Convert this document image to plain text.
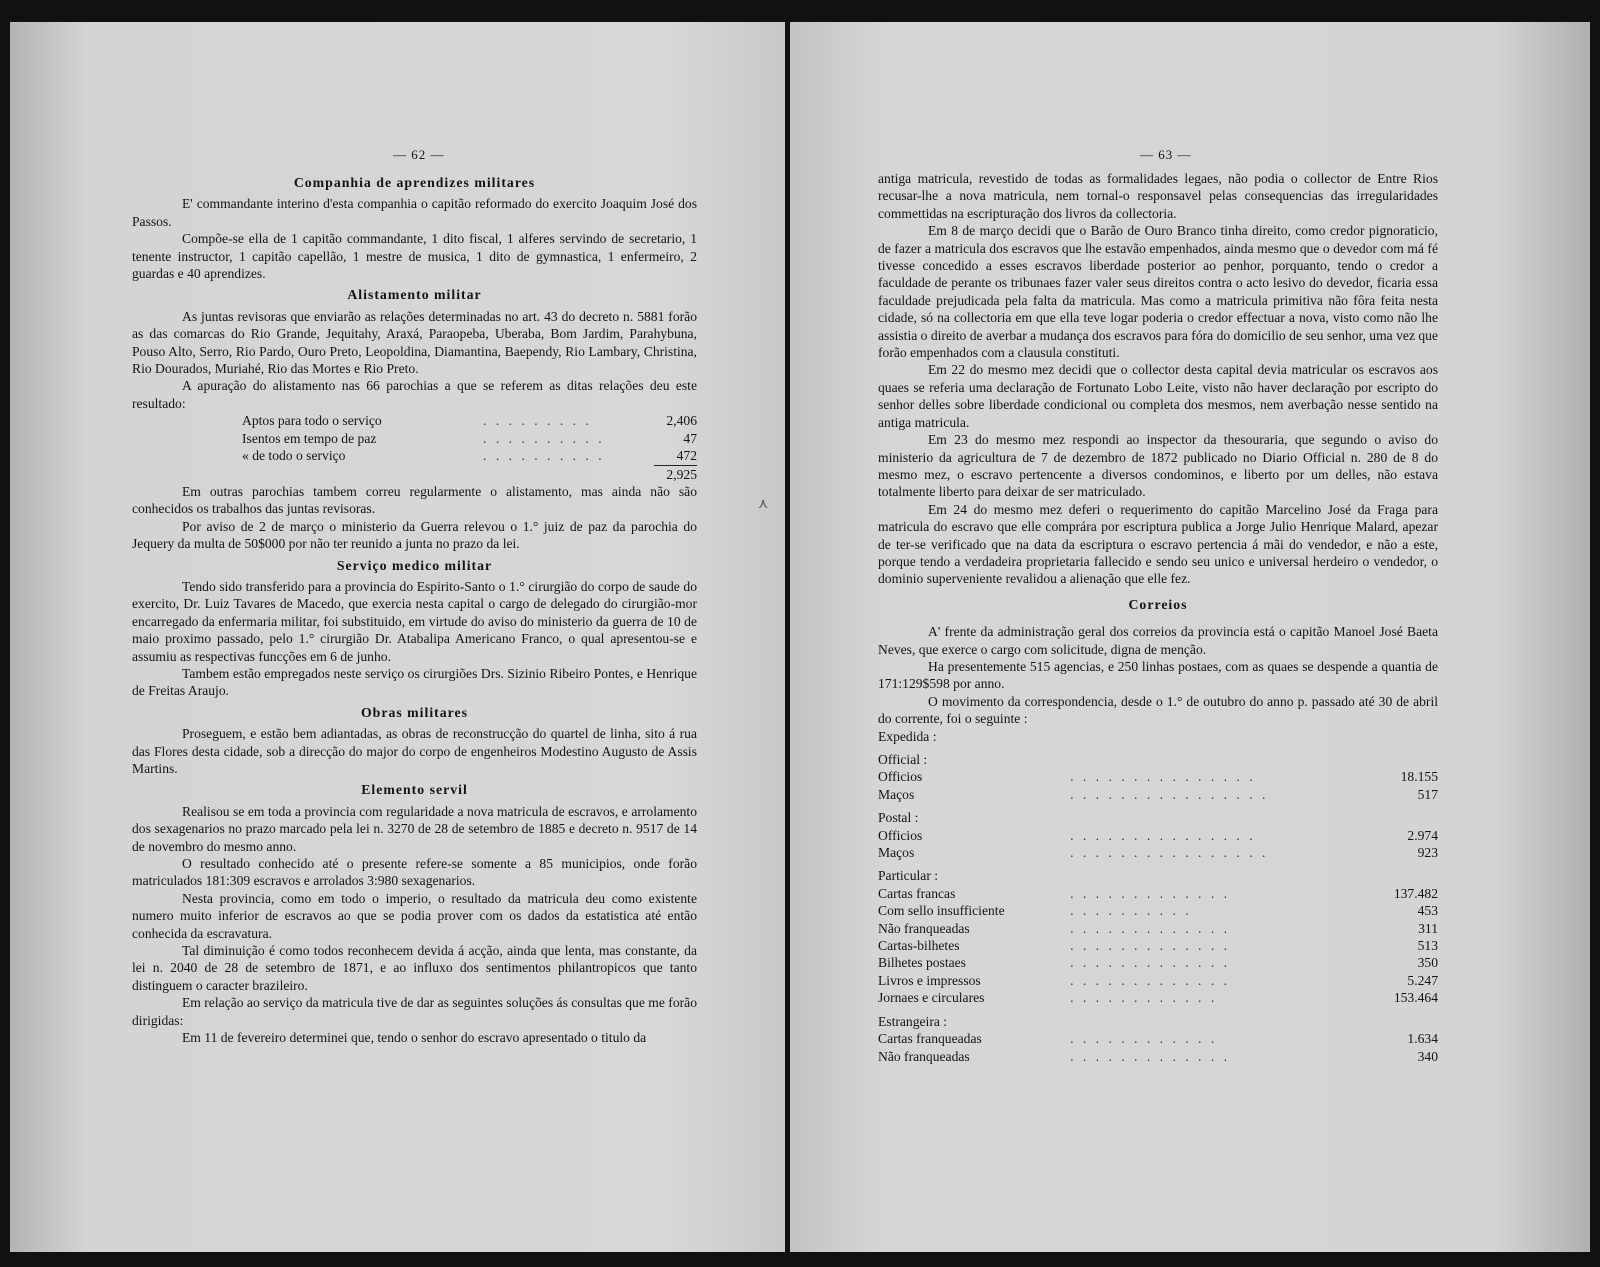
— 62 —
Companhia de aprendizes militares

E' commandante interino d'esta companhia o capitão reformado do exercito Joaquim José dos Passos.

Compõe-se ella de 1 capitão commandante, 1 dito fiscal, 1 alferes servindo de secretario, 1 tenente instructor, 1 capitão capellão, 1 mestre de musica, 1 dito de gymnastica, 1 enfermeiro, 2 guardas e 40 aprendizes.

Alistamento militar

As juntas revisoras que enviarão as relações determinadas no art. 43 do decreto n. 5881 forão as das comarcas do Rio Grande, Jequitahy, Araxá, Paraopeba, Uberaba, Bom Jardim, Parahybuna, Pouso Alto, Serro, Rio Pardo, Ouro Preto, Leopoldina, Diamantina, Baependy, Rio Lambary, Christina, Rio Dourados, Muriahé, Rio das Mortes e Rio Preto.

A apuração do alistamento nas 66 parochias a que se referem as ditas relações deu este resultado:

Aptos para todo o serviço	. . . . . . . . .	2,406
Isentos em tempo de paz	. . . . . . . . . .	47
« de todo o serviço	. . . . . . . . . .	472
		2,925

Em outras parochias tambem correu regularmente o alistamento, mas ainda não são conhecidos os trabalhos das juntas revisoras.

Por aviso de 2 de março o ministerio da Guerra relevou o 1.° juiz de paz da parochia do Jequery da multa de 50$000 por não ter reunido a junta no prazo da lei.

Serviço medico militar

Tendo sido transferido para a provincia do Espirito-Santo o 1.° cirurgião do corpo de saude do exercito, Dr. Luiz Tavares de Macedo, que exercia nesta capital o cargo de delegado do cirurgião-mor encarregado da enfermaria militar, foi substituido, em virtude do aviso do ministerio da guerra de 10 de maio proximo passado, pelo 1.° cirurgião Dr. Atabalipa Americano Franco, o qual apresentou-se e assumiu as respectivas funcções em 6 de junho.

Tambem estão empregados neste serviço os cirurgiões Drs. Sizinio Ribeiro Pontes, e Henrique de Freitas Araujo.

Obras militares

Proseguem, e estão bem adiantadas, as obras de reconstrucção do quartel de linha, sito á rua das Flores desta cidade, sob a direcção do major do corpo de engenheiros Modestino Augusto de Assis Martins.

Elemento servil

Realisou se em toda a provincia com regularidade a nova matricula de escravos, e arrolamento dos sexagenarios no prazo marcado pela lei n. 3270 de 28 de setembro de 1885 e decreto n. 9517 de 14 de novembro do mesmo anno.

O resultado conhecido até o presente refere-se somente a 85 municipios, onde forão matriculados 181:309 escravos e arrolados 3:980 sexagenarios.

Nesta provincia, como em todo o imperio, o resultado da matricula deu como existente numero muito inferior de escravos ao que se podia prover com os dados da estatistica até então conhecida da escravatura.

Tal diminuição é como todos reconhecem devida á acção, ainda que lenta, mas constante, da lei n. 2040 de 28 de setembro de 1871, e ao influxo dos sentimentos philantropicos que tanto distinguem o caracter brazileiro.

Em relação ao serviço da matricula tive de dar as seguintes soluções ás consultas que me forão dirigidas:

Em 11 de fevereiro determinei que, tendo o senhor do escravo apresentado o titulo da

⋏
— 63 —

antiga matricula, revestido de todas as formalidades legaes, não podia o collector de Entre Rios recusar-lhe a nova matricula, nem tornal-o responsavel pelas consequencias das irregularidades commettidas na escripturação dos livros da collectoria.

Em 8 de março decidi que o Barão de Ouro Branco tinha direito, como credor pignoraticio, de fazer a matricula dos escravos que lhe estavão empenhados, ainda mesmo que o devedor com má fé tivesse concedido a esses escravos liberdade posterior ao penhor, porquanto, tendo o credor a faculdade de perante os tribunaes fazer valer seus direitos contra o acto lesivo do devedor, ficaria essa faculdade prejudicada pela falta da matricula. Mas como a matricula primitiva não fôra feita nesta cidade, só na collectoria em que ella teve logar poderia o credor effectuar a nova, visto como não lhe assistia o direito de averbar a mudança dos escravos para fóra do domicilio de seu senhor, uma vez que forão empenhados com a clausula constituti.

Em 22 do mesmo mez decidi que o collector desta capital devia matricular os escravos aos quaes se referia uma declaração de Fortunato Lobo Leite, visto não haver declaração por escripto do senhor delles sobre liberdade condicional ou completa dos mesmos, nem averbação nesse sentido na antiga matricula.

Em 23 do mesmo mez respondi ao inspector da thesouraria, que segundo o aviso do ministerio da agricultura de 7 de dezembro de 1872 publicado no Diario Official n. 280 de 8 do mesmo mez, o escravo pertencente a diversos condominos, e liberto por um delles, não estava totalmente liberto para deixar de ser matriculado.

Em 24 do mesmo mez deferi o requerimento do capitão Marcelino José da Fraga para matricula do escravo que elle comprára por escriptura publica a Jorge Julio Henrique Malard, apezar de ter-se verificado que na data da escriptura o escravo pertencia á mãi do vendedor, e não a este, porque tendo a verdadeira proprietaria fallecido e sendo seu unico e universal herdeiro o vendedor, o dominio superveniente revalidou a alienação que elle fez.

Correios

A' frente da administração geral dos correios da provincia está o capitão Manoel José Baeta Neves, que exerce o cargo com solicitude, digna de menção.

Ha presentemente 515 agencias, e 250 linhas postaes, com as quaes se despende a quantia de 171:129$598 por anno.

O movimento da correspondencia, desde o 1.° de outubro do anno p. passado até 30 de abril do corrente, foi o seguinte :

Expedida :		
Official :		
Officios	. . . . . . . . . . . . . . .	18.155
Maços	. . . . . . . . . . . . . . . .	517
Postal :		
Officios	. . . . . . . . . . . . . . .	2.974
Maços	. . . . . . . . . . . . . . . .	923
Particular :		
Cartas francas	. . . . . . . . . . . . .	137.482
Com sello insufficiente	. . . . . . . . . .	453
Não franqueadas	. . . . . . . . . . . . .	311
Cartas-bilhetes	. . . . . . . . . . . . .	513
Bilhetes postaes	. . . . . . . . . . . . .	350
Livros e impressos	. . . . . . . . . . . . .	5.247
Jornaes e circulares	. . . . . . . . . . . .	153.464
Estrangeira :		
Cartas franqueadas	. . . . . . . . . . . .	1.634
Não franqueadas	. . . . . . . . . . . . .	340
